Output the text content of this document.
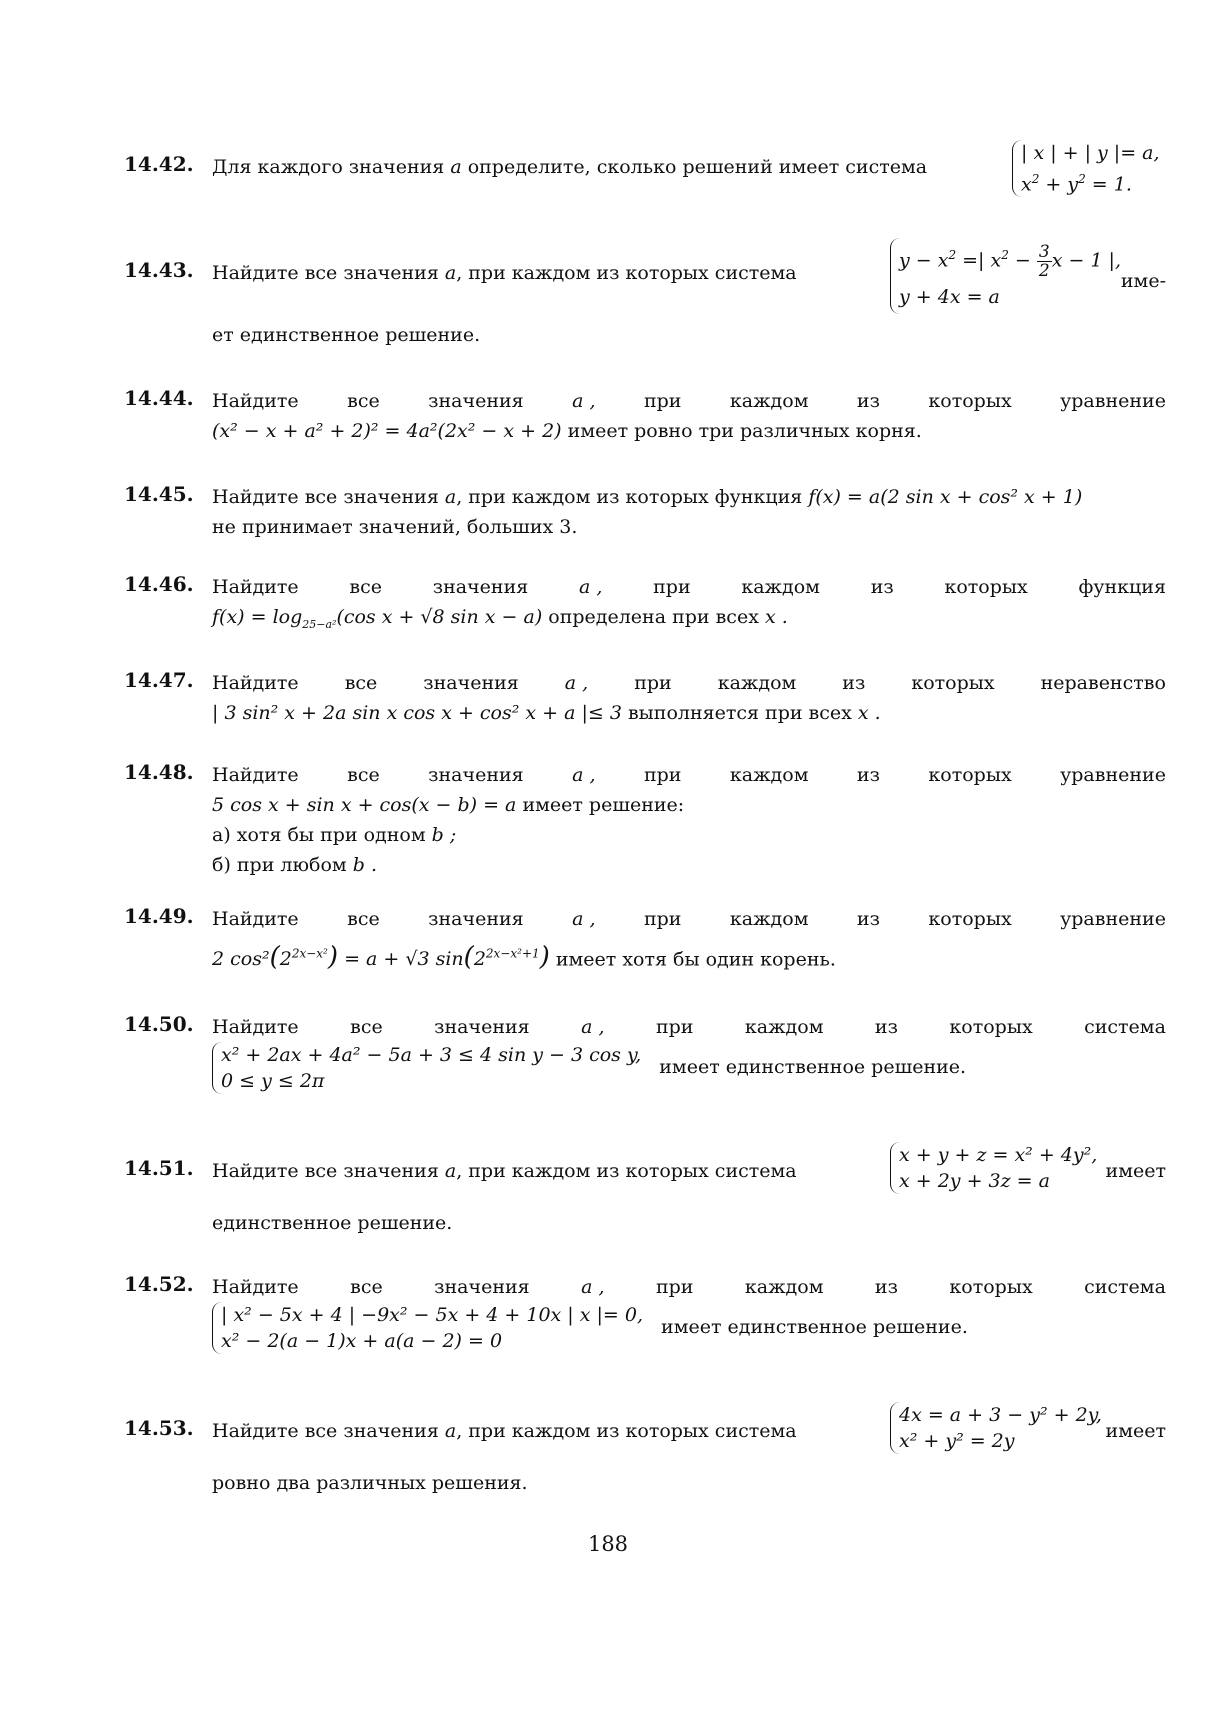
14.42. Для каждого значения a определите, сколько решений имеет система
| x | + | y |= a,
$x^2 + y^2 = 1$.
14.43. Найдите все значения a, при каждом из которых система
$y - x^2$ =| $x^2 - \frac{3}{2}$ x − 1 |,
y + 4x = a
име-
ет единственное решение.
14.44. Найдите	все	значения	a ,	при	каждом	из	которых	уравнение
(x² − x + a² + 2)² = 4a²(2x² − x + 2) имеет ровно три различных корня.
14.45. Найдите все значения a, при каждом из которых функция f(x) = a(2 sin x + cos² x + 1)
не принимает значений, больших 3.
14.46. Найдите	все	значения	a ,	при	каждом	из	которых	функция
$f(x) = \log_{25-a^2}(\cos$ x + √8 sin x − a) определена при всех x .
14.47. Найдите все значения a , при каждом из которых неравенство
| 3 sin² x + 2a sin x cos x + cos² x + a |≤ 3 выполняется при всех x .
14.48. Найдите	все	значения	a ,	при	каждом	из	которых	уравнение
5 cos x + sin x + cos(x − b) = a имеет решение:
а) хотя бы при одном b ;
б) при любом b .
14.49. Найдите	все	значения	a ,	при	каждом	из	которых	уравнение
2 $\cos^2(2^{2x-x^2}) = a + √3$ $\sin(2^{2x-x^2+1})$ имеет хотя бы один корень.
14.50. Найдите	все	значения	a ,	при	каждом	из	которых	система
x² + 2ax + 4a² − 5a + 3 ≤ 4 sin y − 3 cos y,
0 ≤ y ≤ 2π
имеет единственное решение.
14.51. Найдите все значения a, при каждом из которых система
x + y + z = x² + 4y²,
x + 2y + 3z = a	имеет
единственное решение.
14.52. Найдите	все	значения	a ,	при	каждом	из	которых	система
| x² − 5x + 4 | −9x² − 5x + 4 + 10x | x |= 0,
x² − 2(a − 1)x + a(a − 2) = 0
имеет единственное решение.
14.53. Найдите все значения a, при каждом из которых система
4x = a + 3 − y² + 2y,
x² + y² = 2y	имеет
ровно два различных решения.
188
